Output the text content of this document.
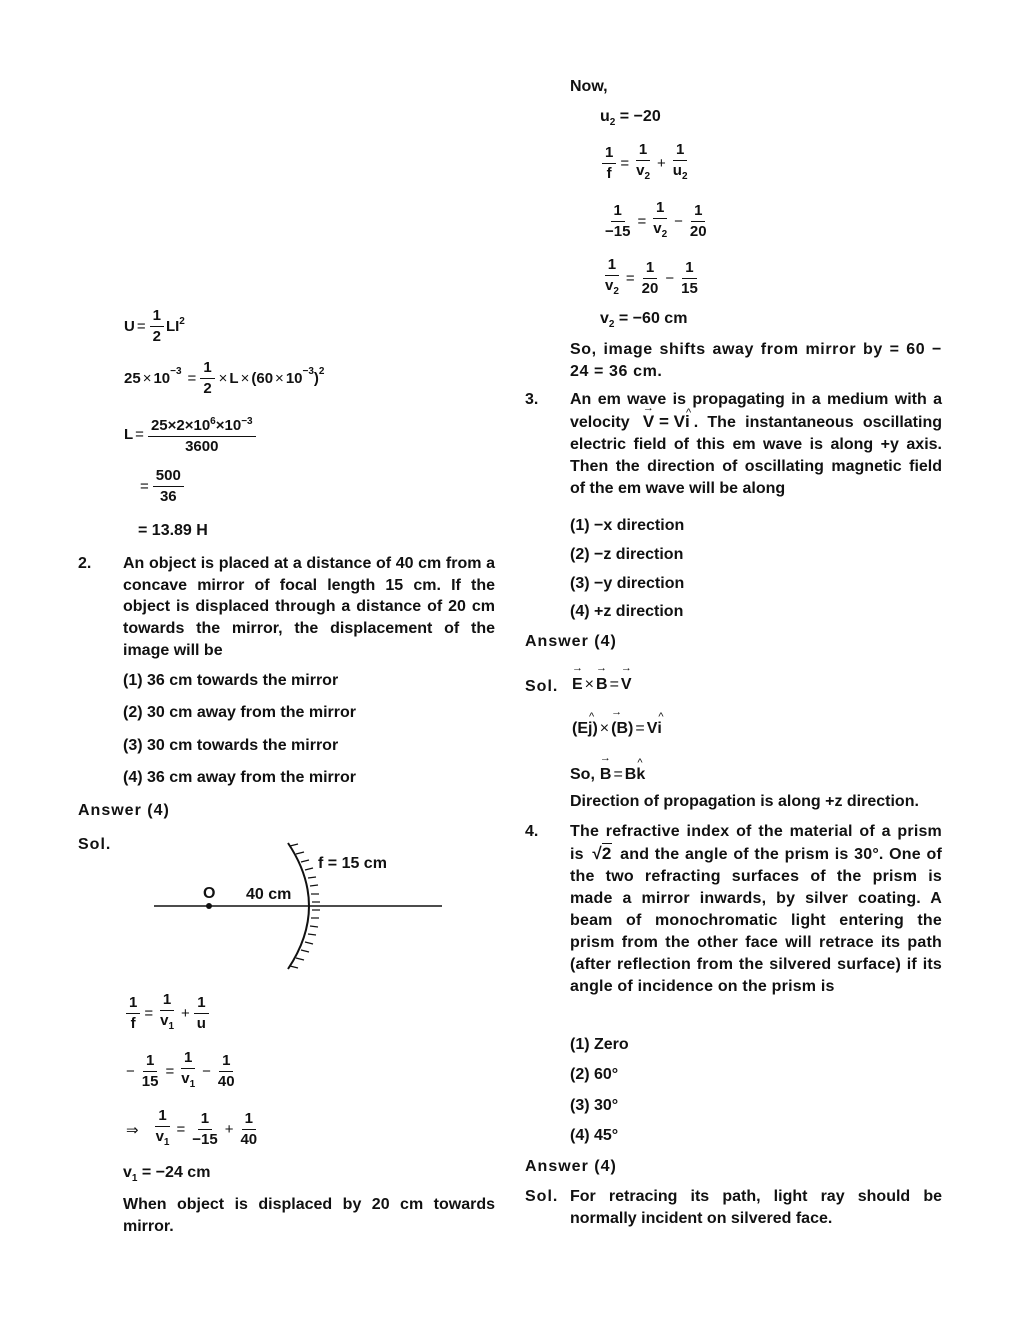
$U = \frac{1}{2} LI^2$
$25 \times 10^{-3} = \frac{1}{2} \times L \times (60 \times 10^{-3}$ )$^2$
$L = \frac{25\times 2\times 10^6\times 10^{-3}}{3600}$
= $\frac{500}{36}$
= 13.89 H
2. An object is placed at a distance of 40 cm from a concave mirror of focal length 15 cm. If the object is displaced through a distance of 20 cm towards the mirror, the displacement of the image will be
(1) 36 cm towards the mirror
(2) 30 cm away from the mirror
(3) 30 cm towards the mirror
(4) 36 cm away from the mirror
Answer (4)
Sol.
f = 15 cm
O 40 cm
$\frac{1}{f} = \frac{1}{v_1} + \frac{1}{u}$
− $\frac{1}{15} = \frac{1}{v_1} - \frac{1}{40}$
⇒ $\frac{1}{v_1} = \frac{1}{-15} + \frac{1}{40}$
$v_1 = -24$ cm
When object is displaced by 20 cm towards mirror.
Now,
$u_2 = -20$
$\frac{1}{f} = \frac{1}{v_2} + \frac{1}{u_2}$
$\frac{1}{-15} = \frac{1}{v_2} - \frac{1}{20}$
$\frac{1}{v_2} = \frac{1}{20} - \frac{1}{15}$
$v_2 = -60$ cm
So, image shifts away from mirror by = 60 − 24 = 36 cm.
3. An em wave is propagating in a medium with a velocity → V = V^ i . The instantaneous oscillating electric field of this em wave is along +y axis. Then the direction of oscillating magnetic field of the em wave will be along
(1) −x direction
(2) −z direction
(3) −y direction
(4) +z direction
Answer (4)
Sol. → E × → B = → V
(E ^ j ) × → (B) = V ^ i
So, → B = B ^ k
Direction of propagation is along +z direction.
4. The refractive index of the material of a prism is √2 and the angle of the prism is 30°. One of the two refracting surfaces of the prism is made a mirror inwards, by silver coating. A beam of monochromatic light entering the prism from the other face will retrace its path (after reflection from the silvered surface) if its angle of incidence on the prism is
(1) Zero
(2) 60°
(3) 30°
(4) 45°
Answer (4)
Sol. For retracing its path, light ray should be normally incident on silvered face.
